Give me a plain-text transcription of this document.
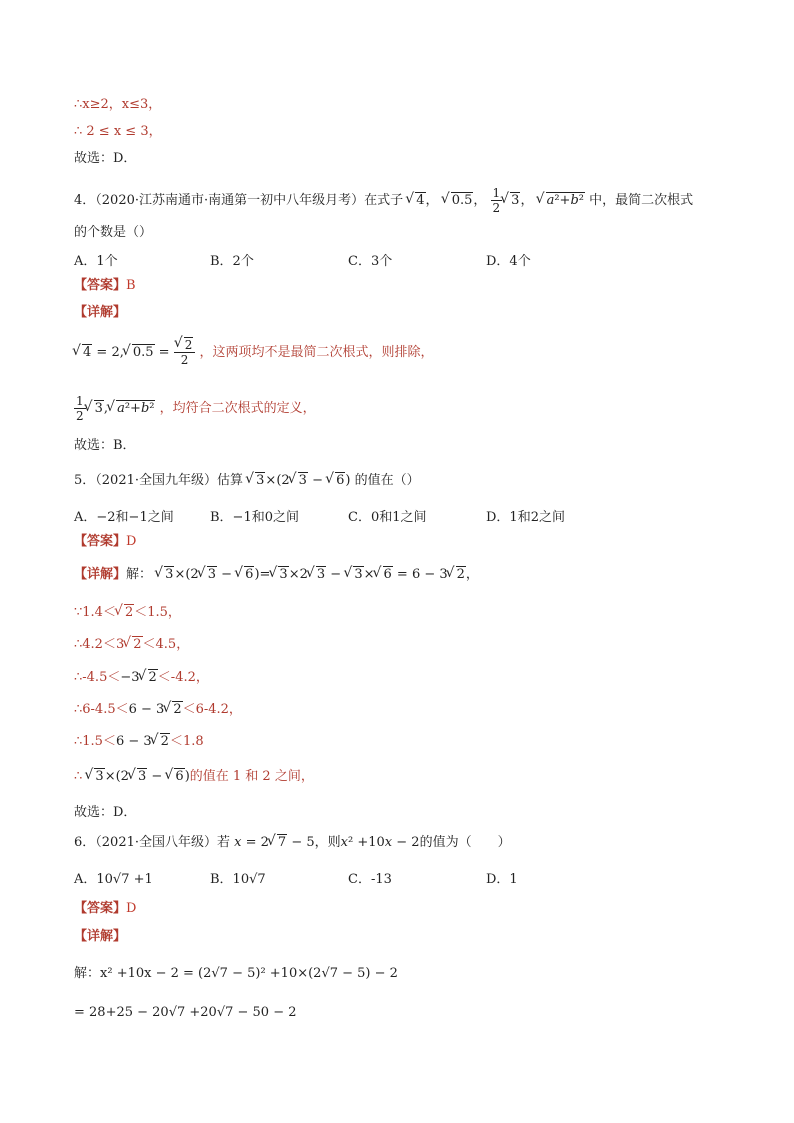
∴x≥2，x≤3，
∴ 2 ≤ x ≤ 3，
故选：D．
4．（2020·江苏南通市·南通第一初中八年级月考）在式子 √ 4， √ 0.5， $\frac{1}{2}$ √ 3， √ a²+b² 中，最简二次根式
的个数是（）
A．1个	B．2个	C．3个	D．4个
【答案】B
【详解】
√ 4 = 2, √ 0.5 = √ $\frac{2}{2}$ ，这两项均不是最简二次根式，则排除，
$\frac{1}{2}$ √ 3, √ a²+b² ，均符合二次根式的定义，
故选：B．
5．（2021·全国九年级）估算 √ 3×(2 √ 3 − √ 6) 的值在（）
A．−2和−1之间	B．−1和0之间	C．0和1之间	D．1和2之间
【答案】D
【详解】解： √ 3×(2 √ 3 − √ 6)= √ 3×2 √ 3 − √ 3× √ 6 = 6 − 3 √ 2，
∵1.4＜ √ 2＜1.5，
∴4.2＜3 √ 2＜4.5，
∴-4.5＜−3 √ 2＜-4.2，
∴6-4.5＜6 − 3 √ 2＜6-4.2，
∴1.5＜6 − 3 √ 2＜1.8
∴ √ 3×(2 √ 3 − √ 6)的值在 1 和 2 之间，
故选：D．
6．（2021·全国八年级）若 x = 2 √ 7 − 5，则x² +10x − 2的值为（　　）
A．10√7 +1	B．10√7	C．-13	D．1
【答案】D
【详解】
解：x² +10x − 2 = (2√7 − 5)² +10×(2√7 − 5) − 2
= 28+25 − 20√7 +20√7 − 50 − 2
